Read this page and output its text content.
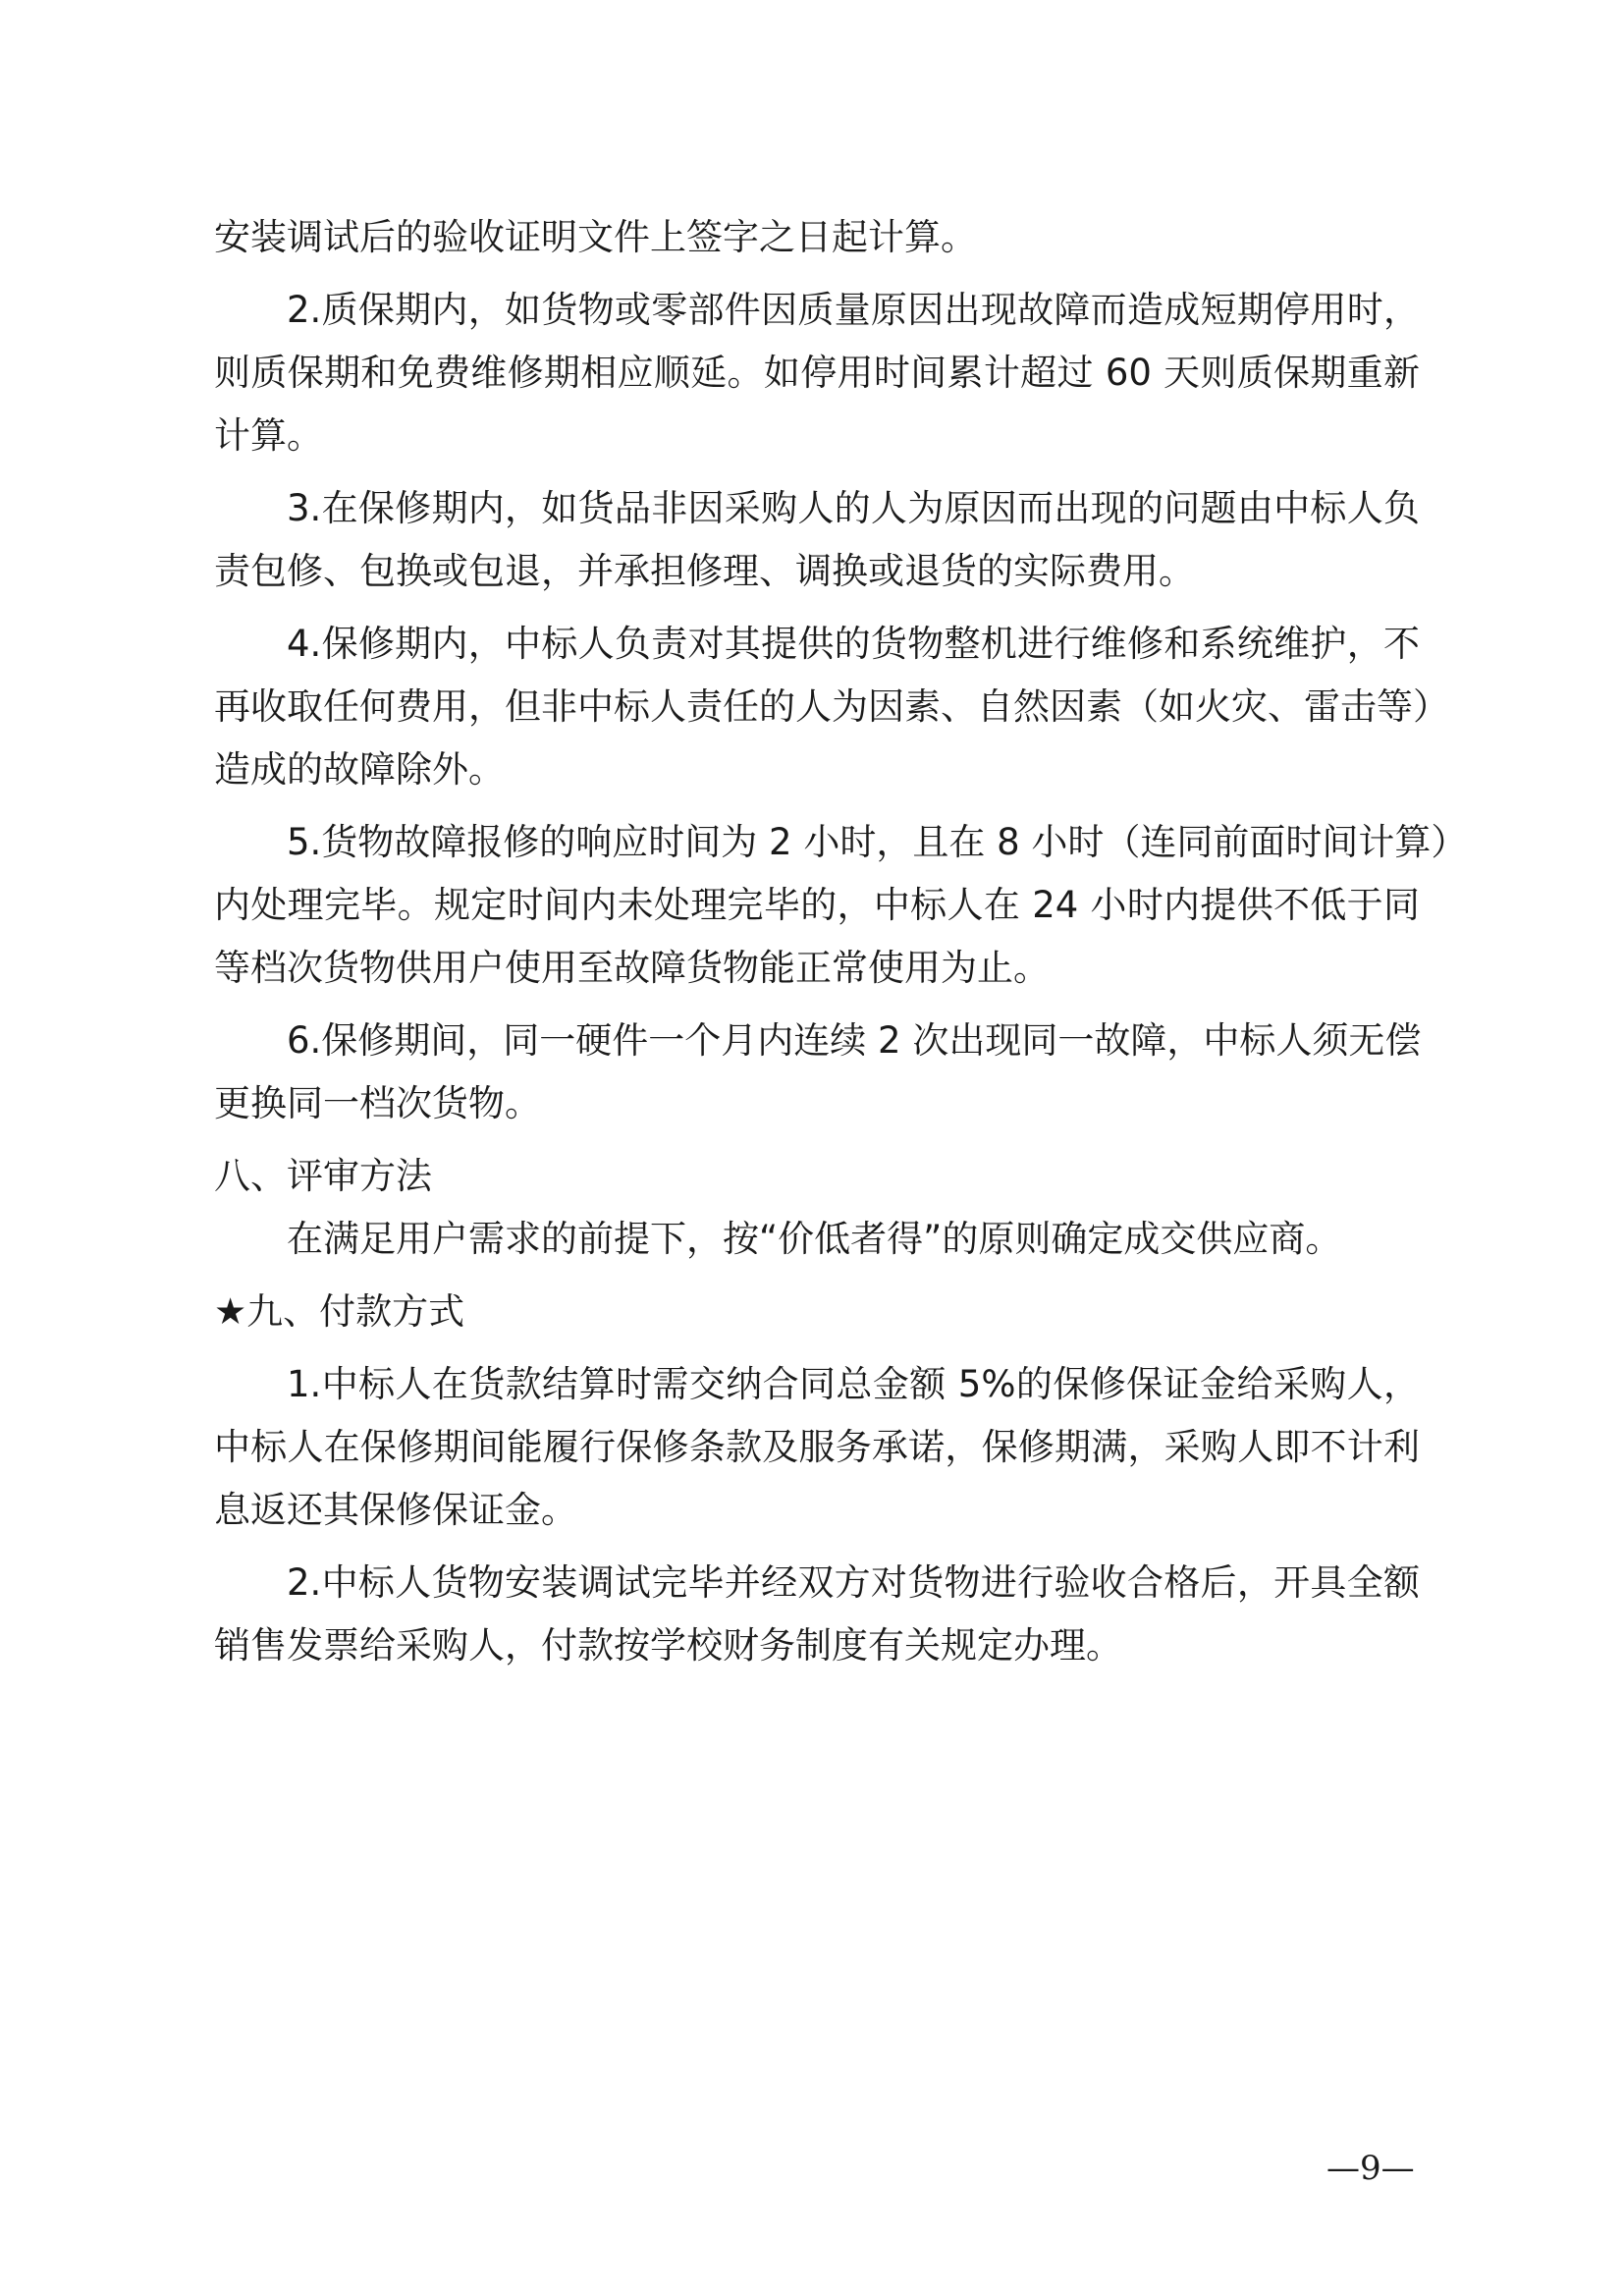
安装调试后的验收证明文件上签字之日起计算。
2.质保期内，如货物或零部件因质量原因出现故障而造成短期停用时，
则质保期和免费维修期相应顺延。如停用时间累计超过 60 天则质保期重新
计算。
3.在保修期内，如货品非因采购人的人为原因而出现的问题由中标人负
责包修、包换或包退，并承担修理、调换或退货的实际费用。
4.保修期内，中标人负责对其提供的货物整机进行维修和系统维护，不
再收取任何费用，但非中标人责任的人为因素、自然因素（如火灾、雷击等）
造成的故障除外。
5.货物故障报修的响应时间为 2 小时，且在 8 小时（连同前面时间计算）
内处理完毕。规定时间内未处理完毕的，中标人在 24 小时内提供不低于同
等档次货物供用户使用至故障货物能正常使用为止。
6.保修期间，同一硬件一个月内连续 2 次出现同一故障，中标人须无偿
更换同一档次货物。
八、评审方法
在满足用户需求的前提下，按“价低者得”的原则确定成交供应商。
★九、付款方式
1.中标人在货款结算时需交纳合同总金额 5%的保修保证金给采购人，
中标人在保修期间能履行保修条款及服务承诺，保修期满，采购人即不计利
息返还其保修保证金。
2.中标人货物安装调试完毕并经双方对货物进行验收合格后，开具全额
销售发票给采购人，付款按学校财务制度有关规定办理。
—9—
